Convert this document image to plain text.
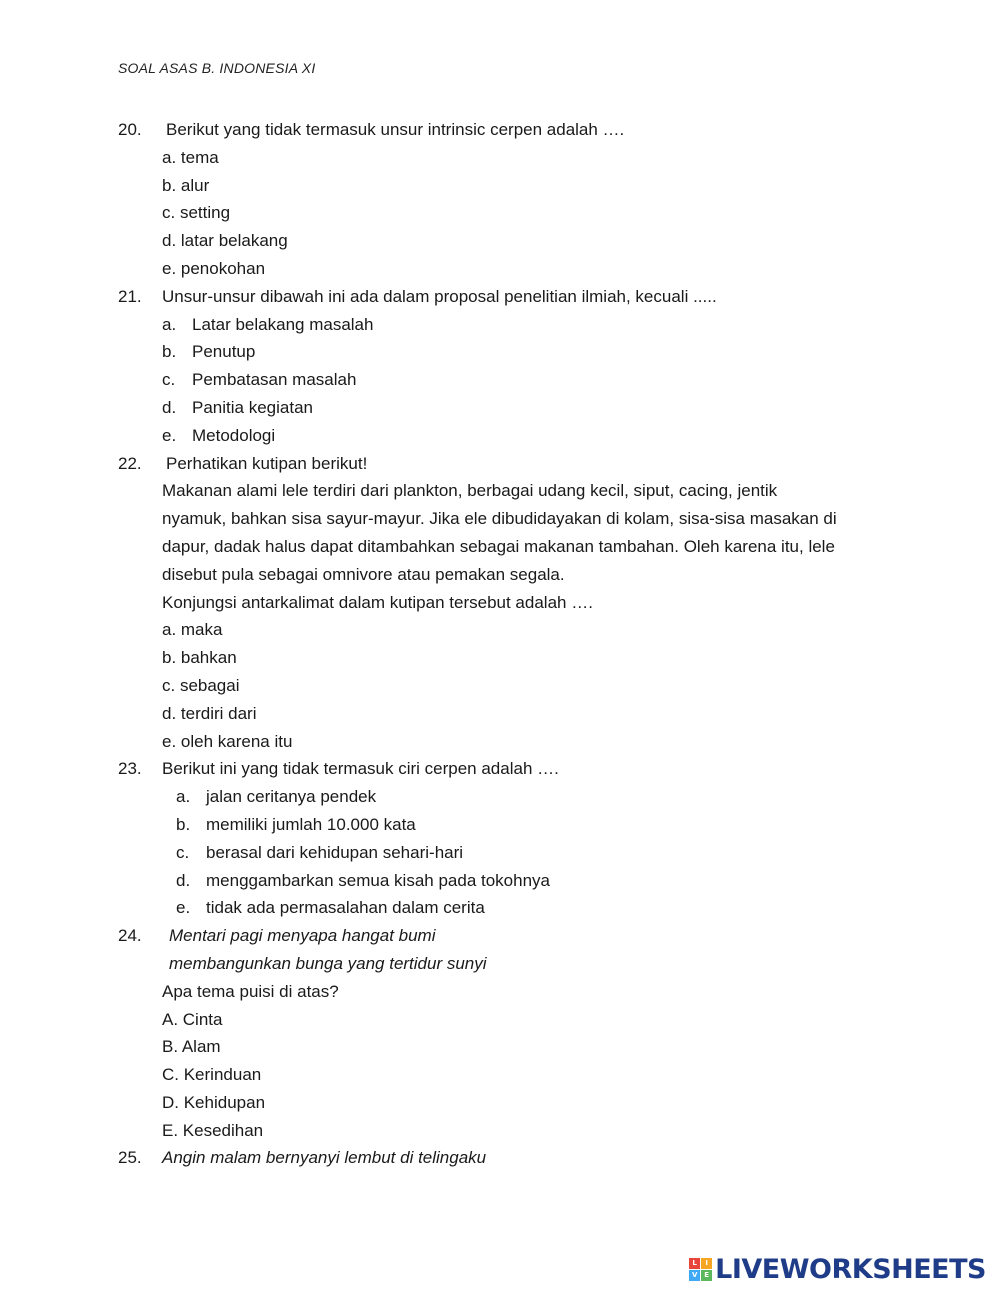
SOAL ASAS B. INDONESIA XI
20. Berikut yang tidak termasuk unsur intrinsic cerpen adalah ….
a. tema
b. alur
c. setting
d. latar belakang
e. penokohan
21. Unsur-unsur dibawah ini ada dalam proposal penelitian ilmiah, kecuali .....
a. Latar belakang masalah
b. Penutup
c. Pembatasan masalah
d. Panitia kegiatan
e. Metodologi
22. Perhatikan kutipan berikut!
Makanan alami lele terdiri dari plankton, berbagai udang kecil, siput, cacing, jentik
nyamuk, bahkan sisa sayur-mayur. Jika ele dibudidayakan di kolam, sisa-sisa masakan di
dapur, dadak halus dapat ditambahkan sebagai makanan tambahan. Oleh karena itu, lele
disebut pula sebagai omnivore atau pemakan segala.
Konjungsi antarkalimat dalam kutipan tersebut adalah ….
a. maka
b. bahkan
c. sebagai
d. terdiri dari
e. oleh karena itu
23. Berikut ini yang tidak termasuk ciri cerpen adalah ….
a. jalan ceritanya pendek
b. memiliki jumlah 10.000 kata
c. berasal dari kehidupan sehari-hari
d. menggambarkan semua kisah pada tokohnya
e. tidak ada permasalahan dalam cerita
24. Mentari pagi menyapa hangat bumi
membangunkan bunga yang tertidur sunyi
Apa tema puisi di atas?
A. Cinta
B. Alam
C. Kerinduan
D. Kehidupan
E. Kesedihan
25. Angin malam bernyanyi lembut di telingaku
L	I
V E LIVEWORKSHEETS
